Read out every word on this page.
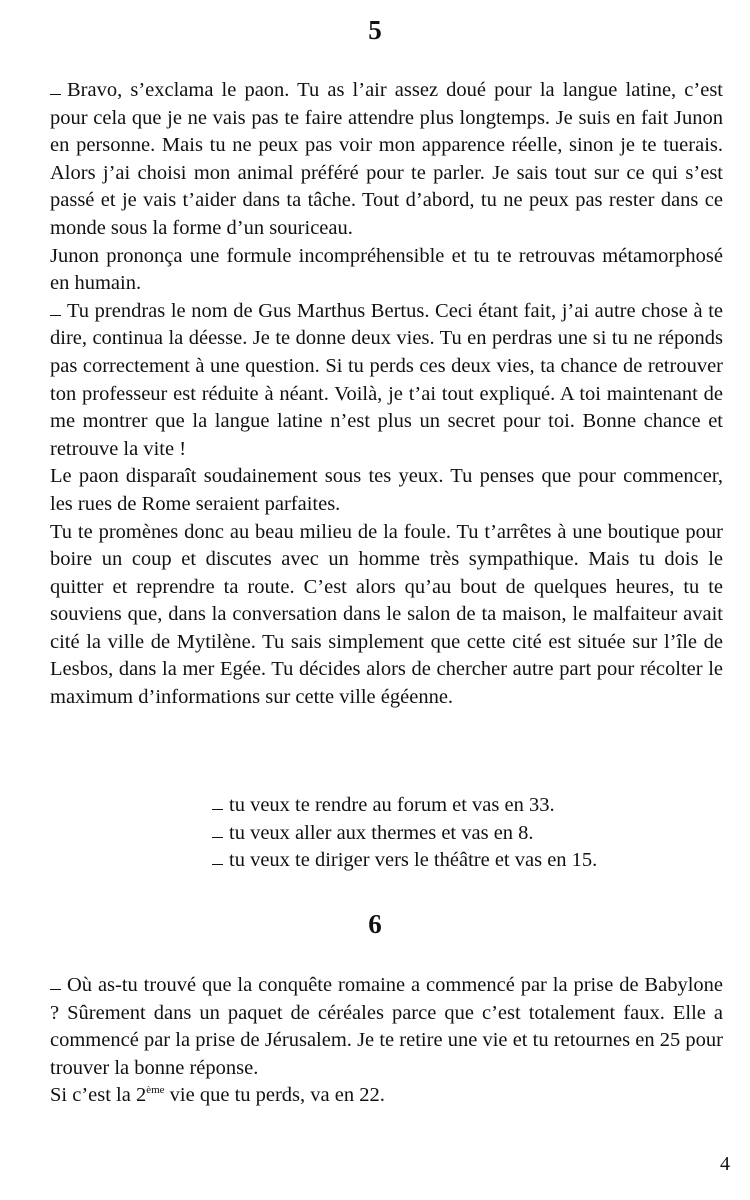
5

Bravo, s’exclama le paon. Tu as l’air assez doué pour la langue latine, c’est pour cela que je ne vais pas te faire attendre plus longtemps. Je suis en fait Junon en personne. Mais tu ne peux pas voir mon apparence réelle, sinon je te tuerais. Alors j’ai choisi mon animal préféré pour te parler. Je sais tout sur ce qui s’est passé et je vais t’aider dans ta tâche. Tout d’abord, tu ne peux pas rester dans ce monde sous la forme d’un souriceau.

Junon prononça une formule incompréhensible et tu te retrouvas métamorphosé en humain.

Tu prendras le nom de Gus Marthus Bertus. Ceci étant fait, j’ai autre chose à te dire, continua la déesse. Je te donne deux vies. Tu en perdras une si tu ne réponds pas correctement à une question. Si tu perds ces deux vies, ta chance de retrouver ton professeur est réduite à néant. Voilà, je t’ai tout expliqué. A toi maintenant de me montrer que la langue latine n’est plus un secret pour toi. Bonne chance et retrouve la vite !

Le paon disparaît soudainement sous tes yeux. Tu penses que pour commencer, les rues de Rome seraient parfaites.

Tu te promènes donc au beau milieu de la foule. Tu t’arrêtes à une boutique pour boire un coup et discutes avec un homme très sympathique. Mais tu dois le quitter et reprendre ta route. C’est alors qu’au bout de quelques heures, tu te souviens que, dans la conversation dans le salon de ta maison, le malfaiteur avait cité la ville de Mytilène. Tu sais simplement que cette cité est située sur l’île de Lesbos, dans la mer Egée. Tu décides alors de chercher autre part pour récolter le maximum d’informations sur cette ville égéenne.

tu veux te rendre au forum et vas en 33.

tu veux aller aux thermes et vas en 8.

tu veux te diriger vers le théâtre et vas en 15.

6

Où as-tu trouvé que la conquête romaine a commencé par la prise de Babylone ? Sûrement dans un paquet de céréales parce que c’est totalement faux. Elle a commencé par la prise de Jérusalem. Je te retire une vie et tu retournes en 25 pour trouver la bonne réponse.

Si c’est la 2ème vie que tu perds, va en 22.

4
